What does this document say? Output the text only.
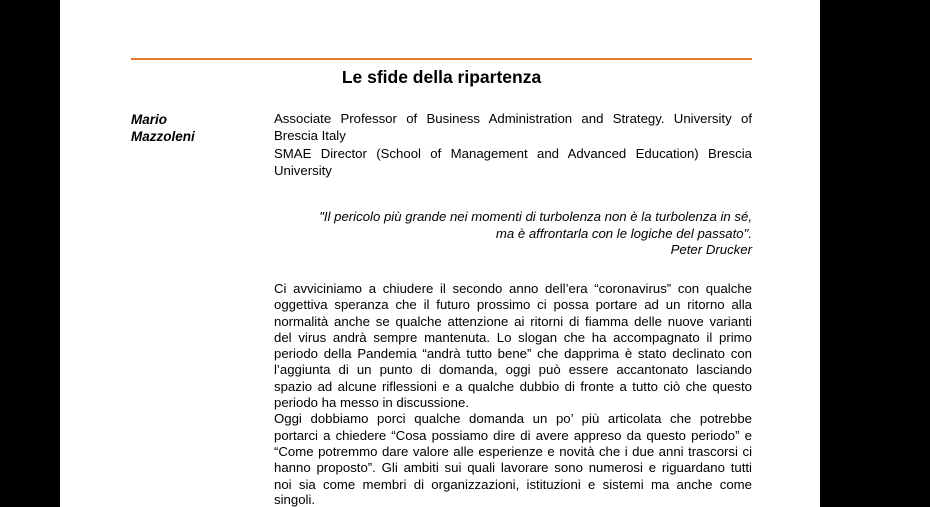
Le sfide della ripartenza
Mario
Mazzoleni
Associate Professor of Business Administration and Strategy. University of
Brescia Italy
SMAE Director (School of Management and Advanced Education) Brescia
University
"Il pericolo più grande nei momenti di turbolenza non è la turbolenza in sé,
ma è affrontarla con le logiche del passato".
Peter Drucker
Ci avviciniamo a chiudere il secondo anno dell’era “coronavirus” con qualche
oggettiva speranza che il futuro prossimo ci possa portare ad un ritorno alla
normalità anche se qualche attenzione ai ritorni di fiamma delle nuove varianti
del virus andrà sempre mantenuta. Lo slogan che ha accompagnato il primo
periodo della Pandemia “andrà tutto bene” che dapprima è stato declinato con
l’aggiunta di un punto di domanda, oggi può essere accantonato lasciando
spazio ad alcune riflessioni e a qualche dubbio di fronte a tutto ciò che questo
periodo ha messo in discussione.
Oggi dobbiamo porci qualche domanda un po’ più articolata che potrebbe
portarci a chiedere “Cosa possiamo dire di avere appreso da questo periodo” e
“Come potremmo dare valore alle esperienze e novità che i due anni trascorsi ci
hanno proposto”. Gli ambiti sui quali lavorare sono numerosi e riguardano tutti
noi sia come membri di organizzazioni, istituzioni e sistemi ma anche come
singoli.
